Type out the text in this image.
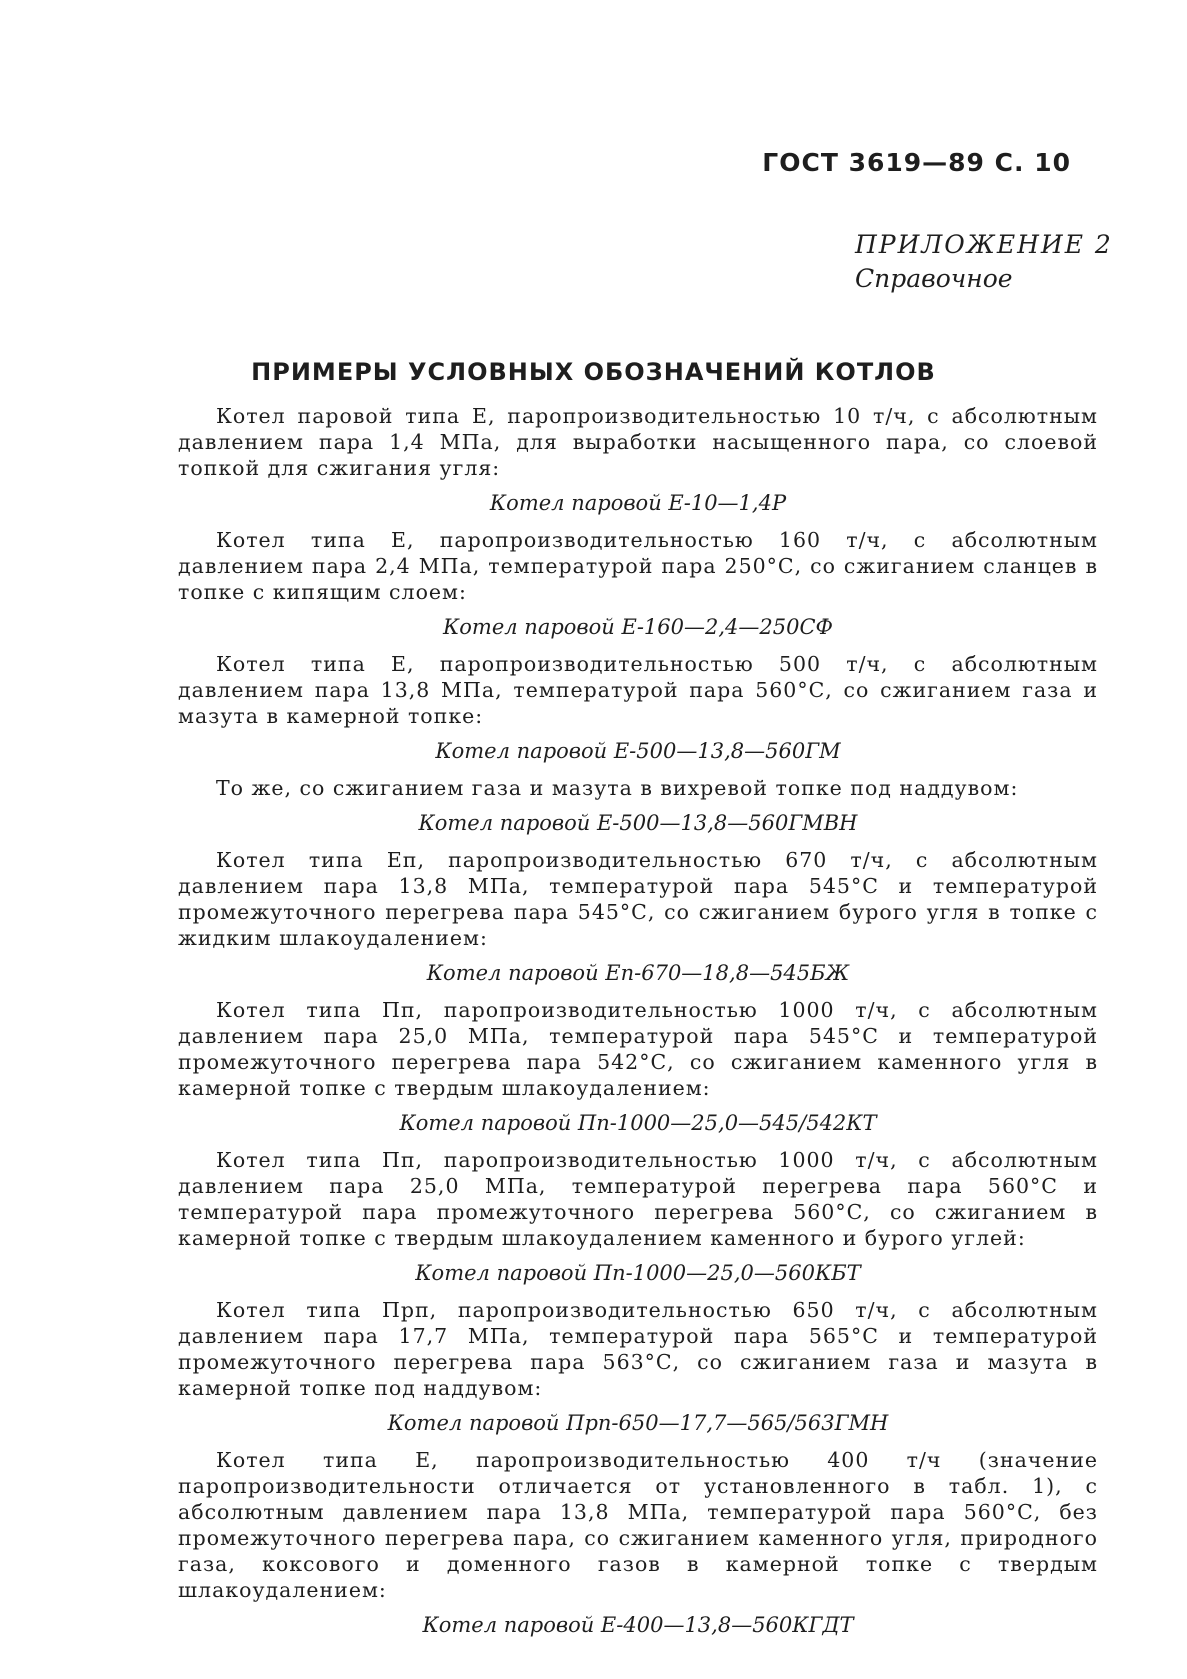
ГОСТ 3619—89 С. 10
ПРИЛОЖЕНИЕ 2
Справочное
ПРИМЕРЫ УСЛОВНЫХ ОБОЗНАЧЕНИЙ КОТЛОВ

Котел паровой типа Е, паропроизводительностью 10 т/ч, с абсолютным давлением пара 1,4 МПа, для выработки насыщенного пара, со слоевой топкой для сжигания угля:

Котел паровой Е-10—1,4Р

Котел типа Е, паропроизводительностью 160 т/ч, с абсолютным давлением пара 2,4 МПа, температурой пара 250°С, со сжиганием сланцев в топке с кипящим слоем:

Котел паровой Е-160—2,4—250СФ

Котел типа Е, паропроизводительностью 500 т/ч, с абсолютным давлением пара 13,8 МПа, температурой пара 560°С, со сжиганием газа и мазута в камерной топке:

Котел паровой Е-500—13,8—560ГМ

То же, со сжиганием газа и мазута в вихревой топке под наддувом:

Котел паровой Е-500—13,8—560ГМВН

Котел типа Еп, паропроизводительностью 670 т/ч, с абсолютным давлением пара 13,8 МПа, температурой пара 545°С и температурой промежуточного перегрева пара 545°С, со сжиганием бурого угля в топке с жидким шлакоудалением:

Котел паровой Еп-670—18,8—545БЖ

Котел типа Пп, паропроизводительностью 1000 т/ч, с абсолютным давлением пара 25,0 МПа, температурой пара 545°С и температурой промежуточного перегрева пара 542°С, со сжиганием каменного угля в камерной топке с твердым шлакоудалением:

Котел паровой Пп-1000—25,0—545/542КТ

Котел типа Пп, паропроизводительностью 1000 т/ч, с абсолютным давлением пара 25,0 МПа, температурой перегрева пара 560°С и температурой пара промежуточного перегрева 560°С, со сжиганием в камерной топке с твердым шлакоудалением каменного и бурого углей:

Котел паровой Пп-1000—25,0—560КБТ

Котел типа Прп, паропроизводительностью 650 т/ч, с абсолютным давлением пара 17,7 МПа, температурой пара 565°С и температурой промежуточного перегрева пара 563°С, со сжиганием газа и мазута в камерной топке под наддувом:

Котел паровой Прп-650—17,7—565/563ГМН

Котел типа Е, паропроизводительностью 400 т/ч (значение паропроизводительности отличается от установленного в табл. 1), с абсолютным давлением пара 13,8 МПа, температурой пара 560°С, без промежуточного перегрева пара, со сжиганием каменного угля, природного газа, коксового и доменного газов в камерной топке с твердым шлакоудалением:

Котел паровой Е-400—13,8—560КГДТ
